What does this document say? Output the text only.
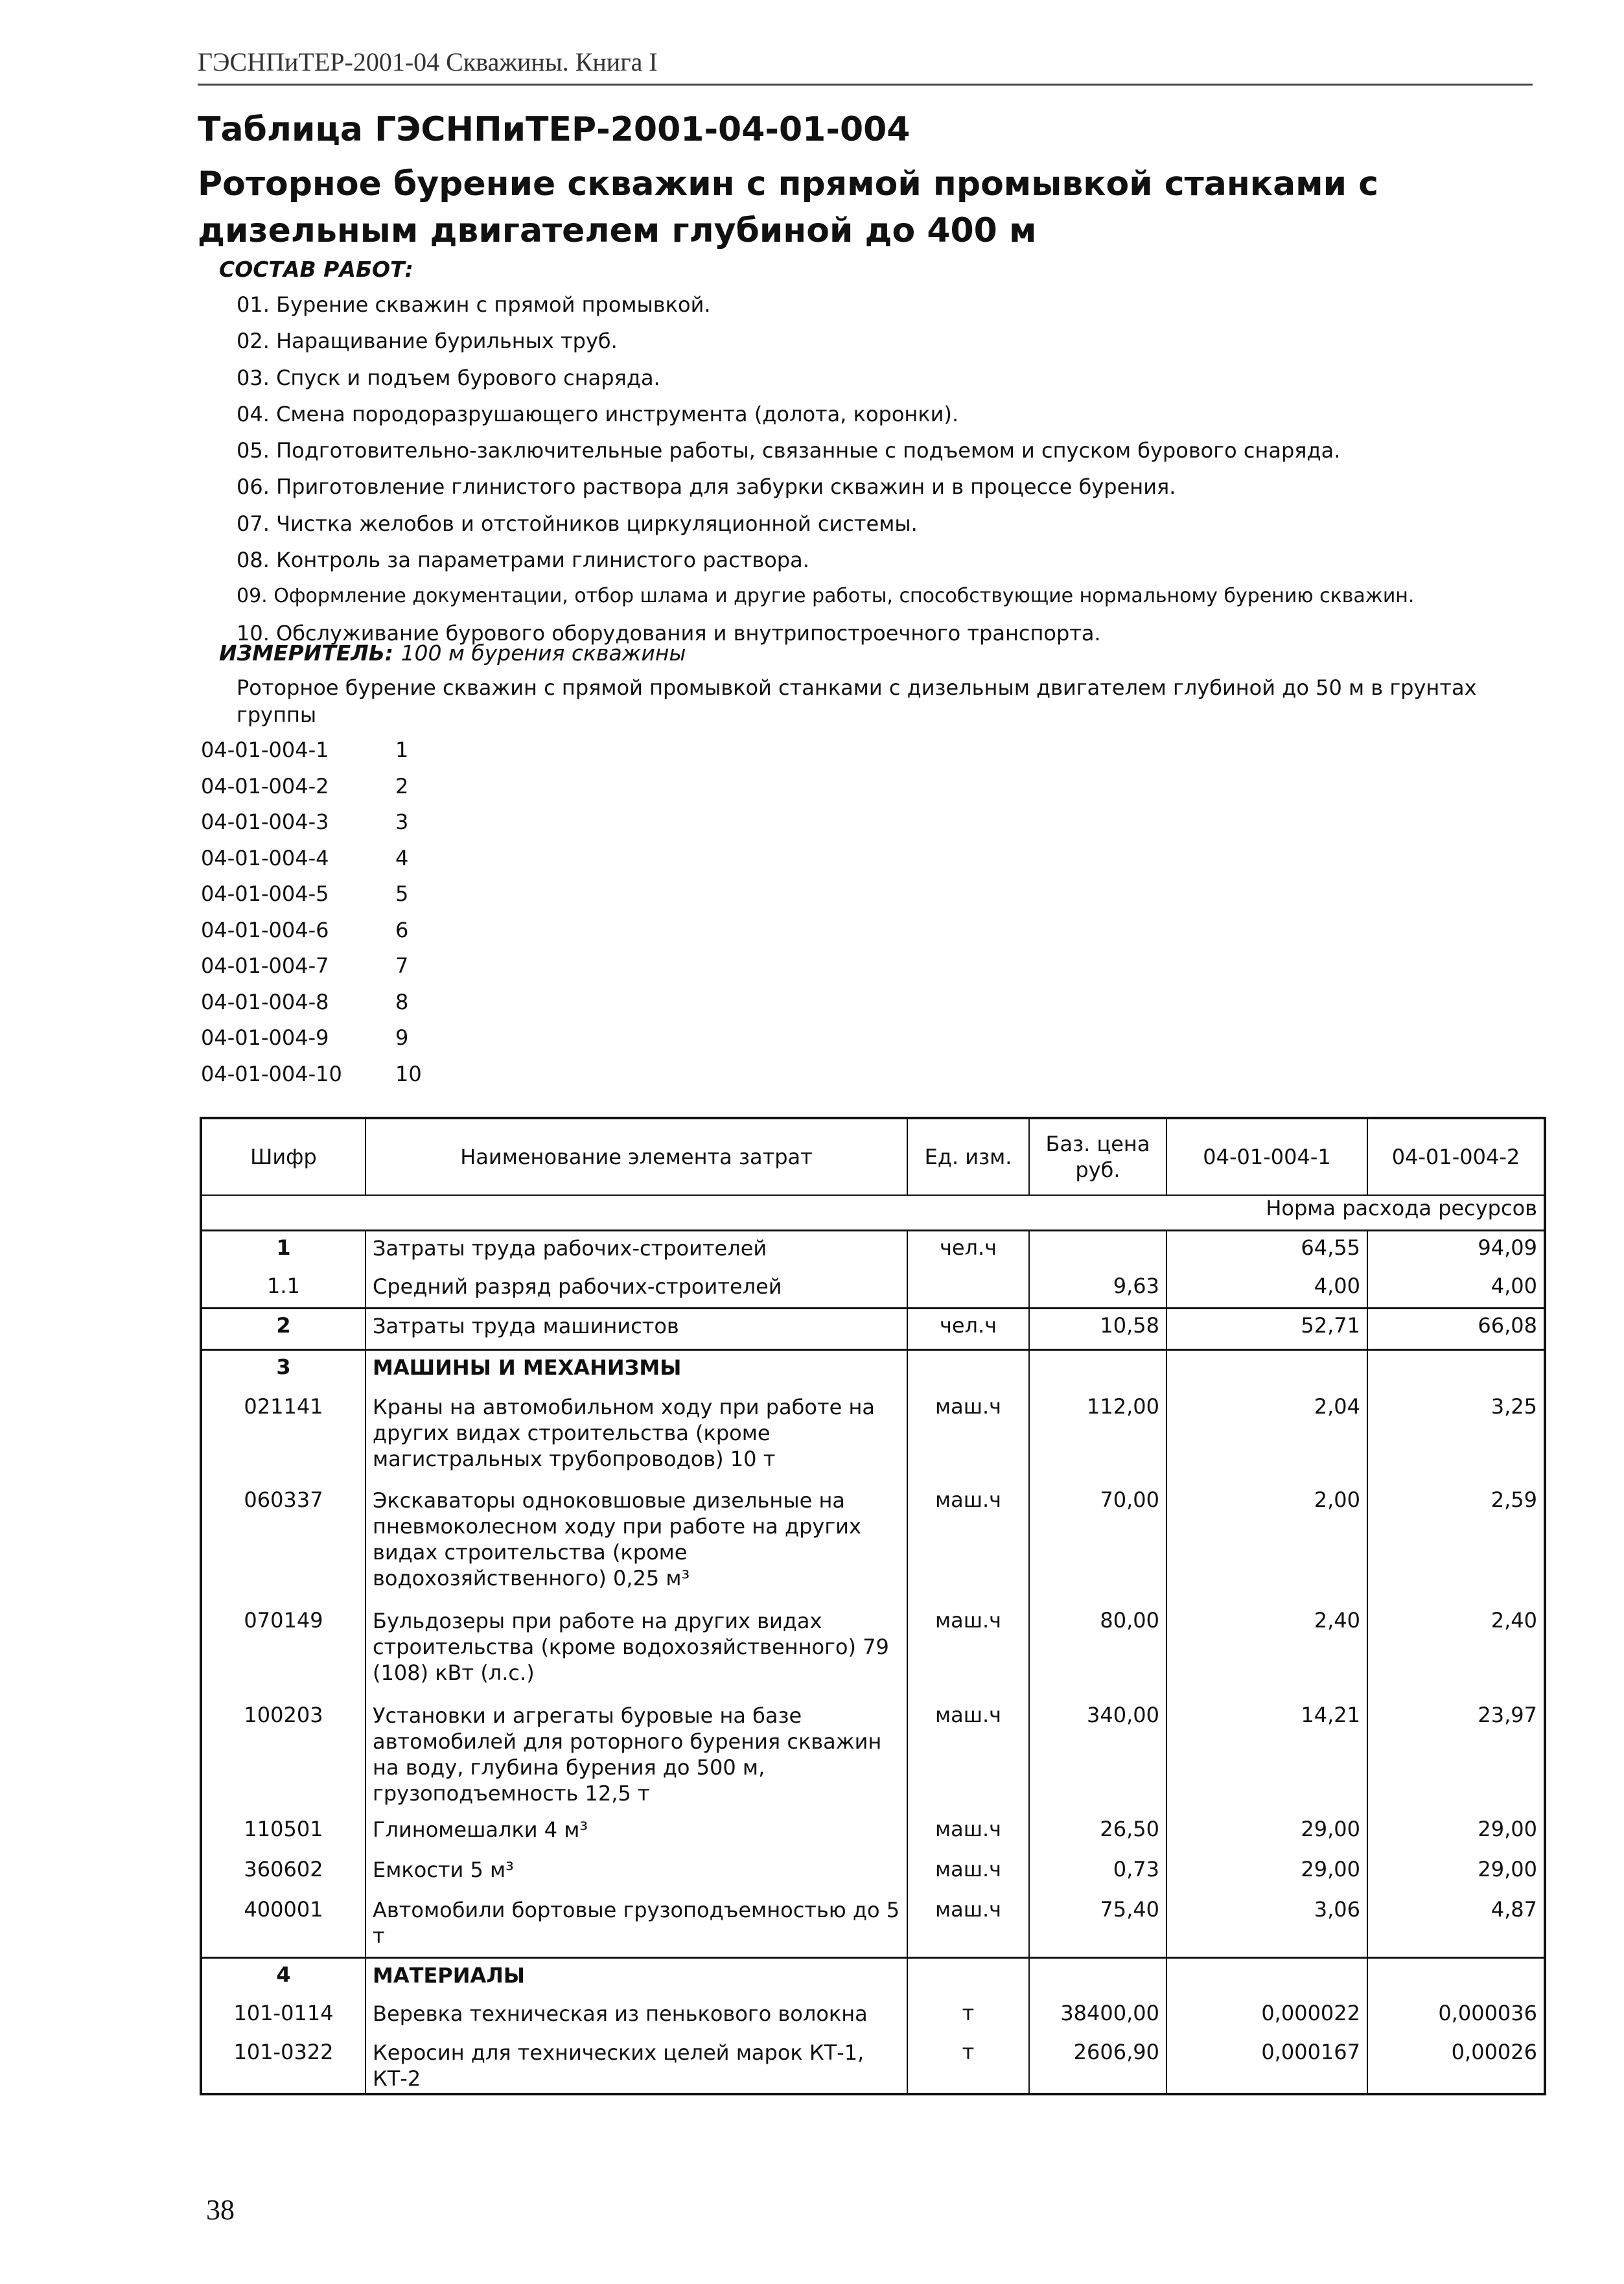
ГЭСНПиТЕР-2001-04 Скважины. Книга I
Таблица ГЭСНПиТЕР-2001-04-01-004
Роторное бурение скважин с прямой промывкой станками с дизельным двигателем глубиной до 400 м
СОСТАВ РАБОТ:
01. Бурение скважин с прямой промывкой.
02. Наращивание бурильных труб.
03. Спуск и подъем бурового снаряда.
04. Смена породоразрушающего инструмента (долота, коронки).
05. Подготовительно-заключительные работы, связанные с подъемом и спуском бурового снаряда.
06. Приготовление глинистого раствора для забурки скважин и в процессе бурения.
07. Чистка желобов и отстойников циркуляционной системы.
08. Контроль за параметрами глинистого раствора.
09. Оформление документации, отбор шлама и другие работы, способствующие нормальному бурению скважин.
10. Обслуживание бурового оборудования и внутрипостроечного транспорта.
ИЗМЕРИТЕЛЬ: 100 м бурения скважины
Роторное бурение скважин с прямой промывкой станками с дизельным двигателем глубиной до 50 м в грунтах группы
04-01-004-1	1
04-01-004-2	2
04-01-004-3	3
04-01-004-4	4
04-01-004-5	5
04-01-004-6	6
04-01-004-7	7
04-01-004-8	8
04-01-004-9	9
04-01-004-10	10
Шифр	Наименование элемента затрат	Ед. изм.	Баз. цена руб.	04-01-004-1	04-01-004-2
Норма расхода ресурсов					
1	Затраты труда рабочих-строителей	чел.ч		64,55	94,09
1.1	Средний разряд рабочих-строителей		9,63	4,00	4,00
2	Затраты труда машинистов	чел.ч	10,58	52,71	66,08
3	МАШИНЫ И МЕХАНИЗМЫ				
021141	Краны на автомобильном ходу при работе на других видах строительства (кроме магистральных трубопроводов) 10 т	маш.ч	112,00	2,04	3,25
060337	Экскаваторы одноковшовые дизельные на пневмоколесном ходу при работе на других видах строительства (кроме водохозяйственного) 0,25 м³	маш.ч	70,00	2,00	2,59
070149	Бульдозеры при работе на других видах строительства (кроме водохозяйственного) 79 (108) кВт (л.с.)	маш.ч	80,00	2,40	2,40
100203	Установки и агрегаты буровые на базе автомобилей для роторного бурения скважин на воду, глубина бурения до 500 м, грузоподъемность 12,5 т	маш.ч	340,00	14,21	23,97
110501	Глиномешалки 4 м³	маш.ч	26,50	29,00	29,00
360602	Емкости 5 м³	маш.ч	0,73	29,00	29,00
400001	Автомобили бортовые грузоподъемностью до 5 т	маш.ч	75,40	3,06	4,87
4	МАТЕРИАЛЫ				
101-0114	Веревка техническая из пенькового волокна	т	38400,00	0,000022	0,000036
101-0322	Керосин для технических целей марок КТ-1, КТ-2	т	2606,90	0,000167	0,00026
38
